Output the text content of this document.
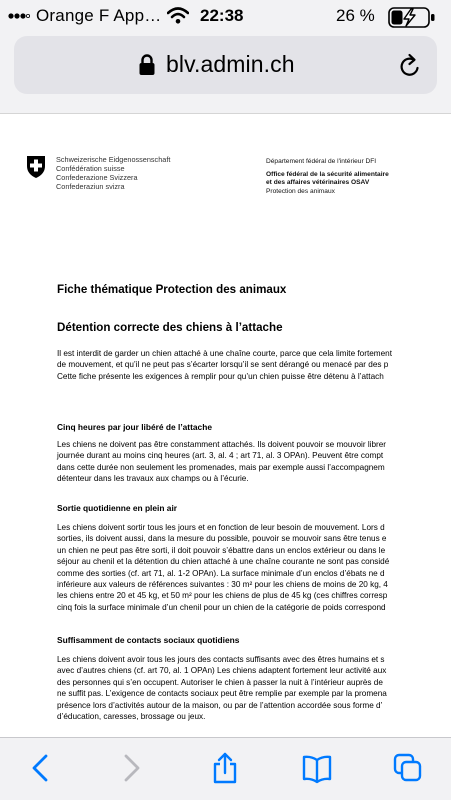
Orange F App… 22:38	26 %
blv.admin.ch
Schweizerische Eidgenossenschaft
Confédération suisse
Confederazione Svizzera
Confederaziun svizra
Département fédéral de l'intérieur DFI
Office fédéral de la sécurité alimentaire
et des affaires vétérinaires OSAV
Protection des animaux
Fiche thématique Protection des animaux
Détention correcte des chiens à l’attache
Il est interdit de garder un chien attaché à une chaîne courte, parce que cela limite fortement
de mouvement, et qu’il ne peut pas s’écarter lorsqu’il se sent dérangé ou menacé par des p
Cette fiche présente les exigences à remplir pour qu’un chien puisse être détenu à l’attach
Cinq heures par jour libéré de l’attache
Les chiens ne doivent pas être constamment attachés. Ils doivent pouvoir se mouvoir librer
journée durant au moins cinq heures (art. 3, al. 4 ; art 71, al. 3 OPAn). Peuvent être compt
dans cette durée non seulement les promenades, mais par exemple aussi l’accompagnem
détenteur dans les travaux aux champs ou à l’écurie.
Sortie quotidienne en plein air
Les chiens doivent sortir tous les jours et en fonction de leur besoin de mouvement. Lors d
sorties, ils doivent aussi, dans la mesure du possible, pouvoir se mouvoir sans être tenus e
un chien ne peut pas être sorti, il doit pouvoir s’ébattre dans un enclos extérieur ou dans le
séjour au chenil et la détention du chien attaché à une chaîne courante ne sont pas considé
comme des sorties (cf. art 71, al. 1-2 OPAn). La surface minimale d’un enclos d’ébats ne d
inférieure aux valeurs de références suivantes : 30 m² pour les chiens de moins de 20 kg, 4
les chiens entre 20 et 45 kg, et 50 m² pour les chiens de plus de 45 kg (ces chiffres corresp
cinq fois la surface minimale d’un chenil pour un chien de la catégorie de poids correspond
Suffisamment de contacts sociaux quotidiens
Les chiens doivent avoir tous les jours des contacts suffisants avec des êtres humains et s
avec d’autres chiens (cf. art 70, al. 1 OPAn) Les chiens adaptent fortement leur activité aux
des personnes qui s’en occupent. Autoriser le chien à passer la nuit à l’intérieur auprès de
ne suffit pas. L’exigence de contacts sociaux peut être remplie par exemple par la promena
présence lors d’activités autour de la maison, ou par de l’attention accordée sous forme d’
d’éducation, caresses, brossage ou jeux.
